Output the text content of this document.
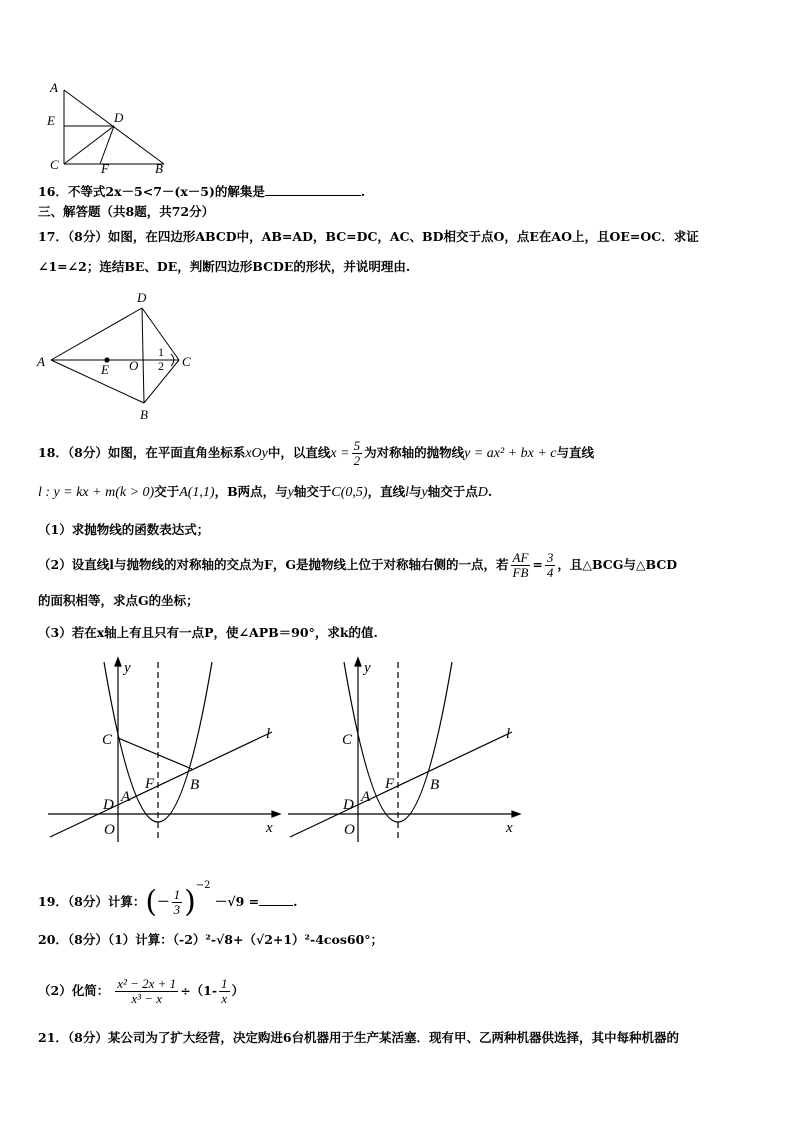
A
D
E
C	F	B
16．不等式2x－5<7－(x－5)的解集是	.
三、解答题（共8题，共72分）
17．（8分）如图，在四边形ABCD中，AB=AD，BC=DC，AC、BD相交于点O，点E在AO上，且OE=OC．求证
∠1=∠2；连结BE、DE，判断四边形BCDE的形状，并说明理由.
D
A
E O
1
2 C
B
18．（8分）如图，在平面直角坐标系xOy中，以直线$x = \frac{5}{2}$ 为对称轴的抛物线y = ax² + bx + c与直线
l : y = kx + m(k > 0)交于A(1,1)，B两点，与y轴交于C(0,5)，直线l与y轴交于点D.
（1）求抛物线的函数表达式；
（2）设直线l与抛物线的对称轴的交点为F，G是抛物线上位于对称轴右侧的一点，若 $\frac{AF}{FB} = \frac{3}{4}$ ，且△BCG与△BCD
的面积相等，求点G的坐标；
（3）若在x轴上有且只有一点P，使∠APB＝90°，求k的值.
y
x
C
D A
F B
O
l
y
x
C
D A
F B
O
l
19．（8分）计算：(－ $\frac{1}{3} )^{-2} -√9$ =	.
20．（8分）（1）计算：（-2）²-√8+（√2+1）²-4cos60°；
（2）化简： $\frac{\text{x² − 2x + 1}}{\text{x³ − x}} \div(1- \frac{1}{x}$ ）
21．（8分）某公司为了扩大经营，决定购进6台机器用于生产某活塞．现有甲、乙两种机器供选择，其中每种机器的
